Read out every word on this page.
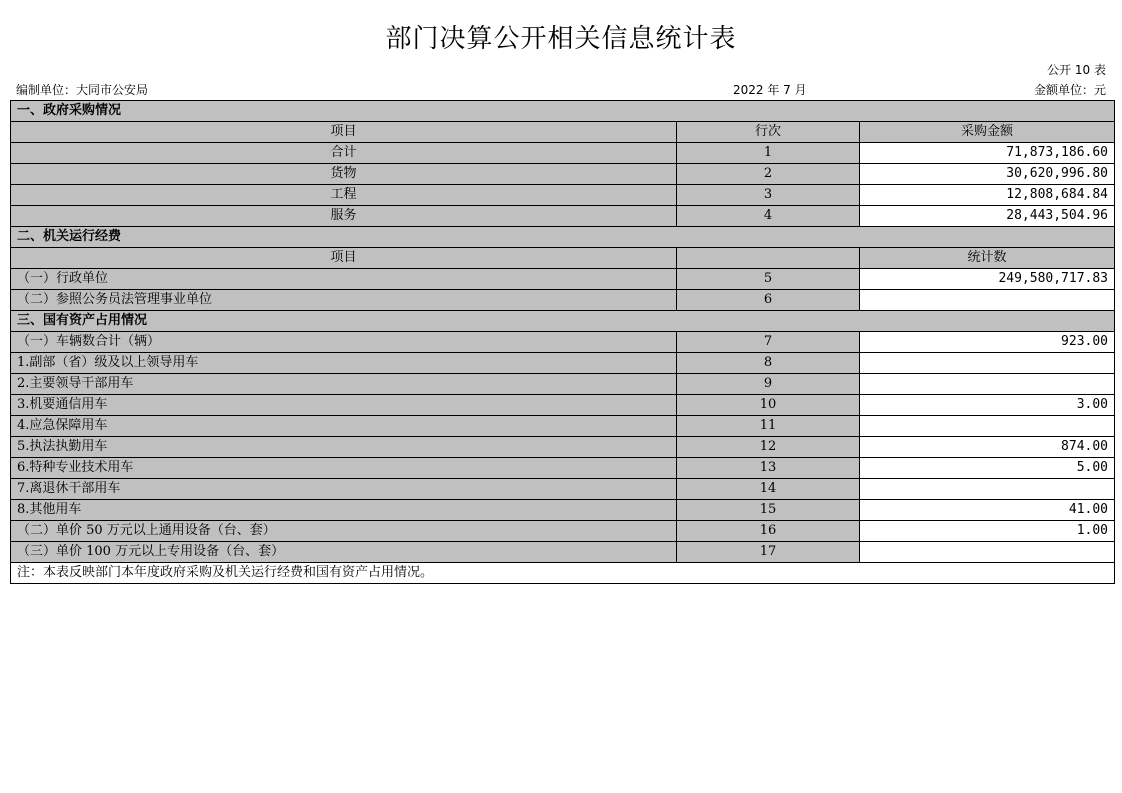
部门决算公开相关信息统计表
公开 10 表
编制单位：大同市公安局	2022 年 7 月	金额单位：元
一、政府采购情况		
项目	行次	采购金额
合计	1	71,873,186.60
货物	2	30,620,996.80
工程	3	12,808,684.84
服务	4	28,443,504.96
二、机关运行经费		
项目		统计数
（一）行政单位	5	249,580,717.83
（二）参照公务员法管理事业单位	6	
三、国有资产占用情况		
（一）车辆数合计（辆）	7	923.00
1.副部（省）级及以上领导用车	8	
2.主要领导干部用车	9	
3.机要通信用车	10	3.00
4.应急保障用车	11	
5.执法执勤用车	12	874.00
6.特种专业技术用车	13	5.00
7.离退休干部用车	14	
8.其他用车	15	41.00
（二）单价 50 万元以上通用设备（台、套）	16	1.00
（三）单价 100 万元以上专用设备（台、套）	17	
注：本表反映部门本年度政府采购及机关运行经费和国有资产占用情况。		
